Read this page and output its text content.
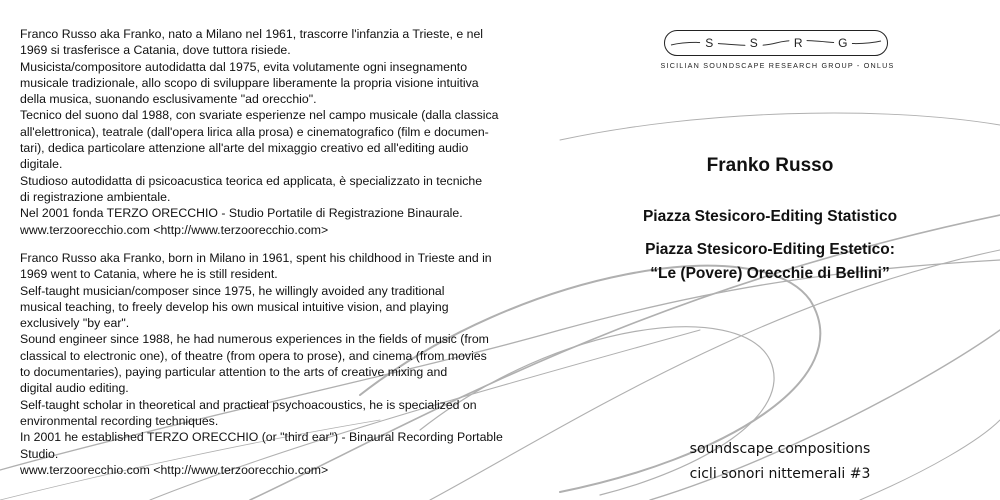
Franco Russo aka Franko, nato a Milano nel 1961, trascorre l'infanzia a Trieste, e nel
1969 si trasferisce a Catania, dove tuttora risiede.
Musicista/compositore autodidatta dal 1975, evita volutamente ogni insegnamento
musicale tradizionale, allo scopo di sviluppare liberamente la propria visione intuitiva
della musica, suonando esclusivamente "ad orecchio".
Tecnico del suono dal 1988, con svariate esperienze nel campo musicale (dalla classica
all'elettronica), teatrale (dall'opera lirica alla prosa) e cinematografico (film e documen-
tari), dedica particolare attenzione all'arte del mixaggio creativo ed all'editing audio
digitale.
Studioso autodidatta di psicoacustica teorica ed applicata, è specializzato in tecniche
di registrazione ambientale.
Nel 2001 fonda TERZO ORECCHIO - Studio Portatile di Registrazione Binaurale.
www.terzoorecchio.com <http://www.terzoorecchio.com>
Franco Russo aka Franko, born in Milano in 1961, spent his childhood in Trieste and in
1969 went to Catania, where he is still resident.
Self-taught musician/composer since 1975, he willingly avoided any traditional
musical teaching, to freely develop his own musical intuitive vision, and playing
exclusively "by ear".
Sound engineer since 1988, he had numerous experiences in the fields of music (from
classical to electronic one), of theatre (from opera to prose), and cinema (from movies
to documentaries), paying particular attention to the arts of creative mixing and
digital audio editing.
Self-taught scholar in theoretical and practical psychoacoustics, he is specialized on
environmental recording techniques.
In 2001 he established TERZO ORECCHIO (or "third ear") - Binaural Recording Portable
Studio.
www.terzoorecchio.com <http://www.terzoorecchio.com>
S	S	R	G
SICILIAN SOUNDSCAPE RESEARCH GROUP - ONLUS
Franko Russo
Piazza Stesicoro-Editing Statistico
Piazza Stesicoro-Editing Estetico:
“Le (Povere) Orecchie di Bellini”
soundscape compositions
cicli sonori nittemerali #3
